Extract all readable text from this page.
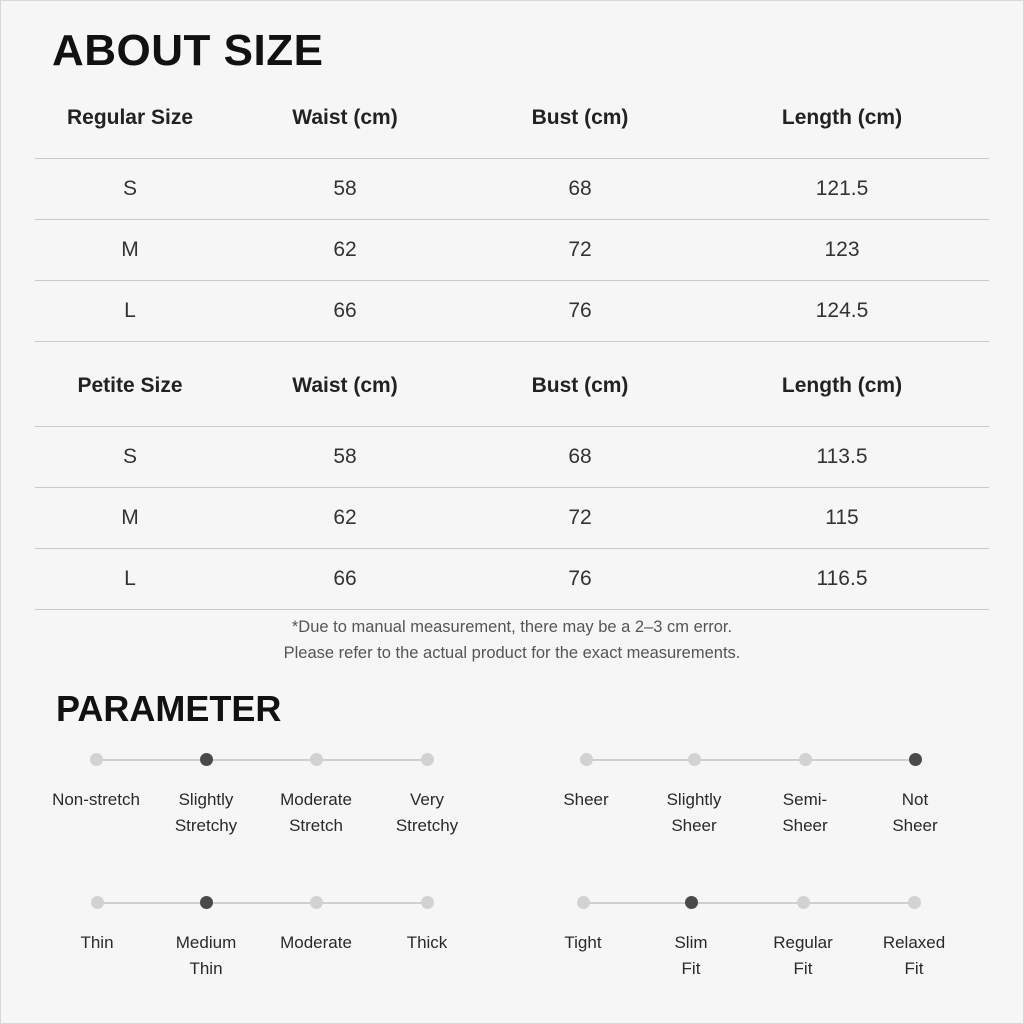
ABOUT SIZE
Regular Size	Waist (cm)	Bust (cm)	Length (cm)
S	58	68	121.5
M	62	72	123
L	66	76	124.5
Petite Size	Waist (cm)	Bust (cm)	Length (cm)
S	58	68	113.5
M	62	72	115
L	66	76	116.5
*Due to manual measurement, there may be a 2–3 cm error.
Please refer to the actual product for the exact measurements.
PARAMETER
Non-stretch	Slightly
Stretchy
Moderate
Stretch
Very
Stretchy
Sheer	Slightly
Sheer
Semi-
Sheer
Not
Sheer
Thin	Medium
Thin
Moderate	Thick	Tight	Slim
Fit
Regular
Fit
Relaxed
Fit
